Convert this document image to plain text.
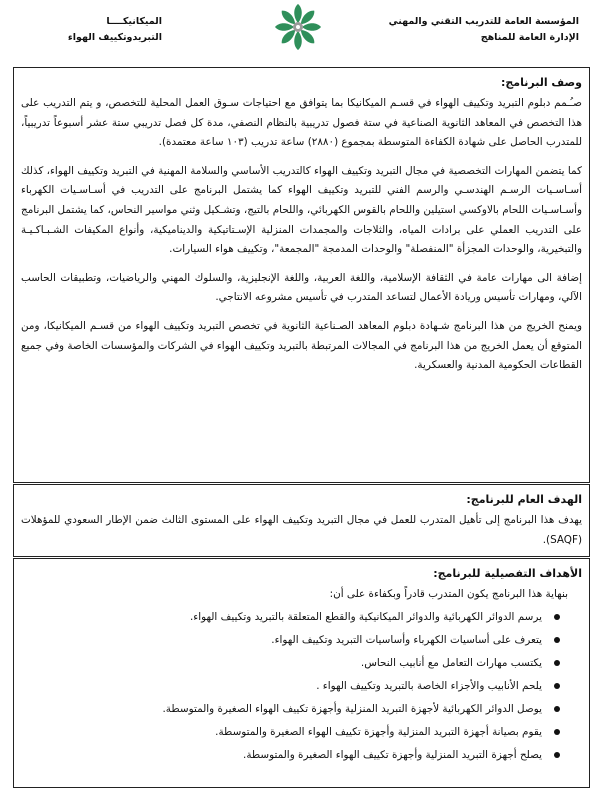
المؤسسة العامة للتدريب التقني والمهني
الإدارة العامة للمناهج
الميكانيكــــا
التبريدوتكييف الهواء
وصف البرنامج:

صـُـمم دبلوم التبريد وتكييف الهواء في قسـم الميكانيكا بما يتوافق مع احتياجات سـوق العمل المحلية للتخصص، و يتم التدريب على هذا التخصص في المعاهد الثانوية الصناعية في ستة فصول تدريبية بالنظام النصفي، مدة كل فصل تدريبي ستة عشر أسبوعاً تدريبياً، للمتدرب الحاصل على شهادة الكفاءة المتوسطة بمجموع (٢٨٨٠) ساعة تدريب (١٠٣ ساعة معتمدة).

كما يتضمن المهارات التخصصية في مجال التبريد وتكييف الهواء كالتدريب الأساسي والسلامة المهنية في التبريد وتكييف الهواء، كذلك أسـاسـيات الرسـم الهندسـي والرسم الفني للتبريد وتكييف الهواء كما يشتمل البرنامج على التدريب في أسـاسـيات الكهرباء وأسـاسـيات اللحام بالاوكسي استيلين واللحام بالقوس الكهربائي، واللحام بالتيج، وتشـكيل وثني مواسير النحاس، كما يشتمل البرنامج على التدريب العملي على برادات المياه، والثلاجات والمجمدات المنزلية الإسـتاتيكية والديناميكية، وأنواع المكيفات الشـبـاكـيـة والتبخيرية، والوحدات المجزأة "المنفصلة" والوحدات المدمجة "المجمعة"، وتكييف هواء السيارات.

إضافة الى مهارات عامة في الثقافة الإسلامية، واللغة العربية، واللغة الإنجليزية، والسلوك المهني والرياضيات، وتطبيقات الحاسب الآلي، ومهارات تأسيس وريادة الأعمال لتساعد المتدرب في تأسيس مشروعه الانتاجي.

ويمنح الخريج من هذا البرنامج شـهادة دبلوم المعاهد الصـناعية الثانوية في تخصص التبريد وتكييف الهواء من قسـم الميكانيكا، ومن المتوقع أن يعمل الخريج من هذا البرنامج في المجالات المرتبطة بالتبريد وتكييف الهواء في الشركات والمؤسسات الخاصة وفي جميع القطاعات الحكومية المدنية والعسكرية.

الهدف العام للبرنامج:

يهدف هذا البرنامج إلى تأهيل المتدرب للعمل في مجال التبريد وتكييف الهواء على المستوى الثالث ضمن الإطار السعودي للمؤهلات (SAQF).

الأهداف التفصيلية للبرنامج:
بنهاية هذا البرنامج يكون المتدرب قادراً وبكفاءة على أن:
يرسم الدوائر الكهربائية والدوائر الميكانيكية والقطع المتعلقة بالتبريد وتكييف الهواء.
يتعرف على أساسيات الكهرباء وأساسيات التبريد وتكييف الهواء.
يكتسب مهارات التعامل مع أنابيب النحاس.
يلحم الأنابيب والأجزاء الخاصة بالتبريد وتكييف الهواء .
يوصل الدوائر الكهربائية لأجهزة التبريد المنزلية وأجهزة تكييف الهواء الصغيرة والمتوسطة.
يقوم بصيانة أجهزة التبريد المنزلية وأجهزة تكييف الهواء الصغيرة والمتوسطة.
يصلح أجهزة التبريد المنزلية وأجهزة تكييف الهواء الصغيرة والمتوسطة.
